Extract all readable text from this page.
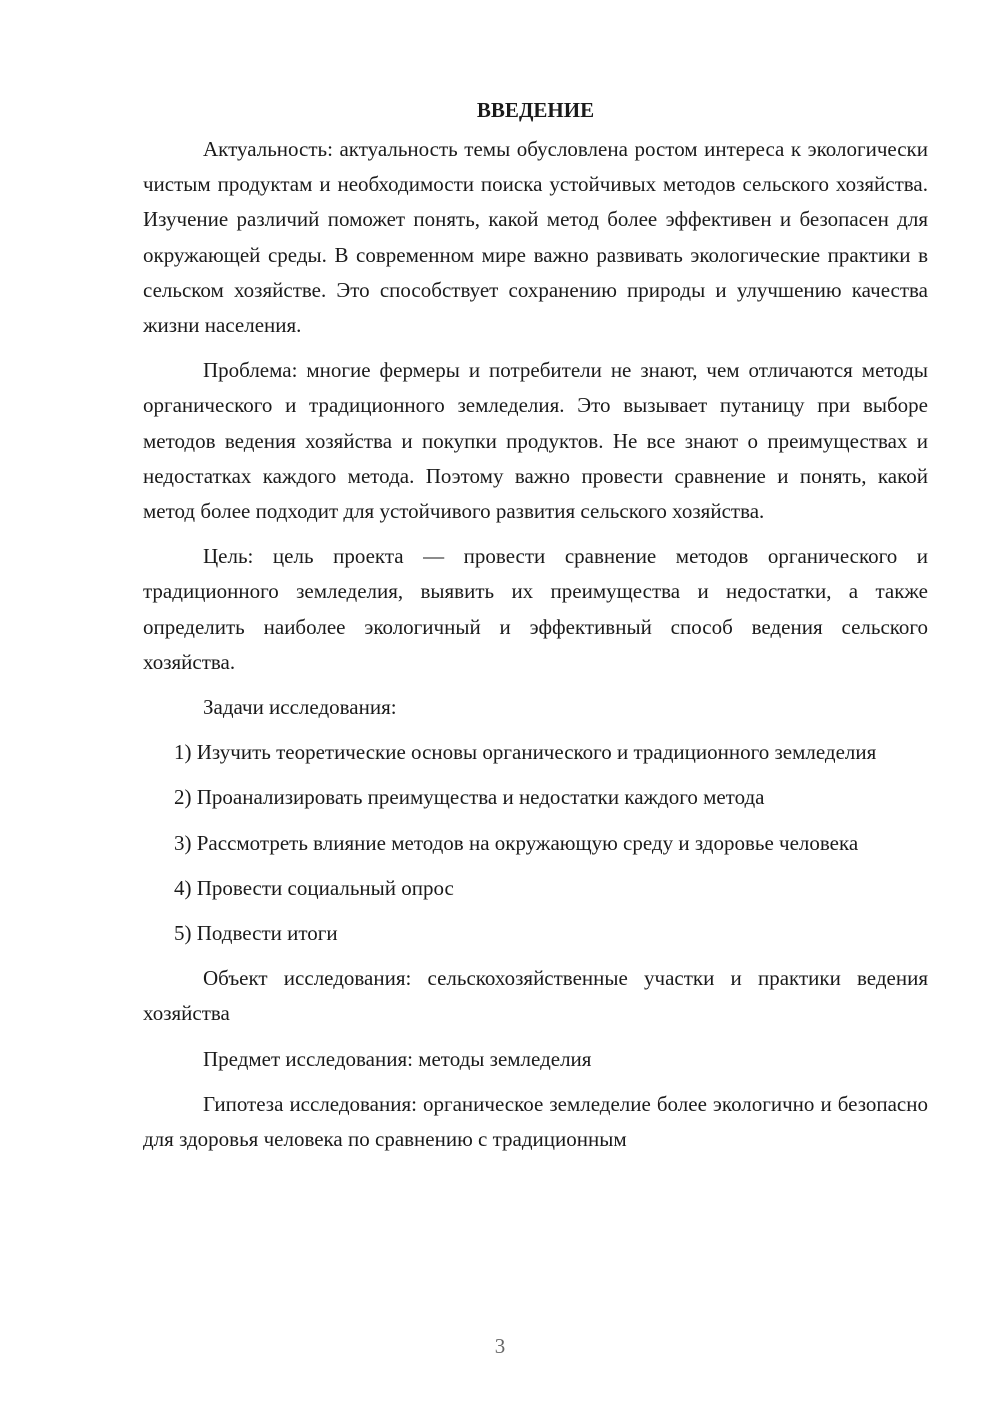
ВВЕДЕНИЕ

Актуальность: актуальность темы обусловлена ростом интереса к экологически чистым продуктам и необходимости поиска устойчивых методов сельского хозяйства. Изучение различий поможет понять, какой метод более эффективен и безопасен для окружающей среды. В современном мире важно развивать экологические практики в сельском хозяйстве. Это способствует сохранению природы и улучшению качества жизни населения.

Проблема: многие фермеры и потребители не знают, чем отличаются методы органического и традиционного земледелия. Это вызывает путаницу при выборе методов ведения хозяйства и покупки продуктов. Не все знают о преимуществах и недостатках каждого метода. Поэтому важно провести сравнение и понять, какой метод более подходит для устойчивого развития сельского хозяйства.

Цель: цель проекта — провести сравнение методов органического и традиционного земледелия, выявить их преимущества и недостатки, а также определить наиболее экологичный и эффективный способ ведения сельского хозяйства.

Задачи исследования:

1) Изучить теоретические основы органического и традиционного земледелия

2) Проанализировать преимущества и недостатки каждого метода

3) Рассмотреть влияние методов на окружающую среду и здоровье человека

4) Провести социальный опрос

5) Подвести итоги

Объект исследования: сельскохозяйственные участки и практики ведения хозяйства

Предмет исследования: методы земледелия

Гипотеза исследования: органическое земледелие более экологично и безопасно для здоровья человека по сравнению с традиционным

3
